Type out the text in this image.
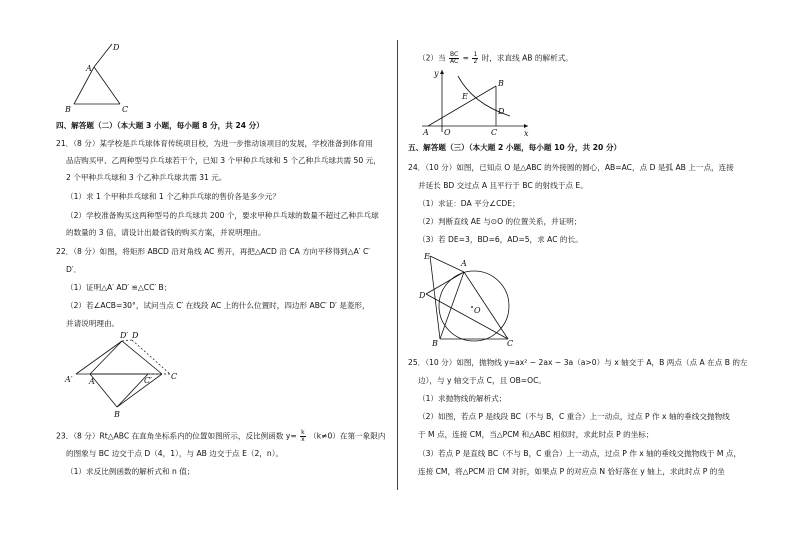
D
A
B	C
四、解答题（二）（本大题 3 小题，每小题 8 分，共 24 分）
21．（8 分）某学校是乒乓球体育传统项目校，为进一步推动该项目的发展，学校准备到体育用
品店购买甲、乙两种型号乒乓球若干个，已知 3 个甲种乒乓球和 5 个乙种乒乓球共需 50 元，
2 个甲种乒乓球和 3 个乙种乒乓球共需 31 元。
（1）求 1 个甲种乒乓球和 1 个乙种乒乓球的售价各是多少元？
（2）学校准备购买这两种型号的乒乓球共 200 个，要求甲种乒乓球的数量不超过乙种乒乓球
的数量的 3 倍，请设计出最省钱的购买方案，并说明理由。
22．（8 分）如图，将矩形 ABCD 沿对角线 AC 剪开，再把△ACD 沿 CA 方向平移得到△A′ C′
D′．
（1）证明△A′ AD′ ≌△CC′ B；
（2）若∠ACB=30°，试问当点 C′ 在线段 AC 上的什么位置时，四边形 ABC′ D′ 是菱形，
并请说明理由。
D′ D
A′ A	C′ C
B
23．（8 分）Rt△ABC 在直角坐标系内的位置如图所示，反比例函数 $y= \frac{k}{x} (k\ne 0)$在第一象限内
的图象与 BC 边交于点 D（4，1），与 AB 边交于点 E（2，n）。
（1）求反比例函数的解析式和 n 值；
（2）当 $\frac{BC}{AC} = \frac{1}{2}$ 时，求直线 AB 的解析式。
y
x
E
D
B
A O	C
五、解答题（三）（本大题 2 小题，每小题 10 分，共 20 分）
24．（10 分）如图，已知点 O 是△ABC 的外接圆的圆心，AB=AC，点 D 是弧 AB 上一点，连接
并延长 BD 交过点 A 且平行于 BC 的射线于点 E。
（1）求证：DA 平分∠CDE；
（2）判断直线 AE 与⊙O 的位置关系，并证明；
（3）若 DE=3，BD=6，AD=5，求 AC 的长。
E
A
D
O
B	C
25．（10 分）如图，抛物线 y=ax² − 2ax − 3a（a>0）与 x 轴交于 A，B 两点（点 A 在点 B 的左
边），与 y 轴交于点 C，且 OB=OC。
（1）求抛物线的解析式；
（2）如图，若点 P 是线段 BC（不与 B，C 重合）上一动点，过点 P 作 x 轴的垂线交抛物线
于 M 点，连接 CM，当△PCM 和△ABC 相似时，求此时点 P 的坐标；
（3）若点 P 是直线 BC（不与 B，C 重合）上一动点，过点 P 作 x 轴的垂线交抛物线于 M 点，
连接 CM，将△PCM 沿 CM 对折，如果点 P 的对应点 N 恰好落在 y 轴上，求此时点 P 的坐
